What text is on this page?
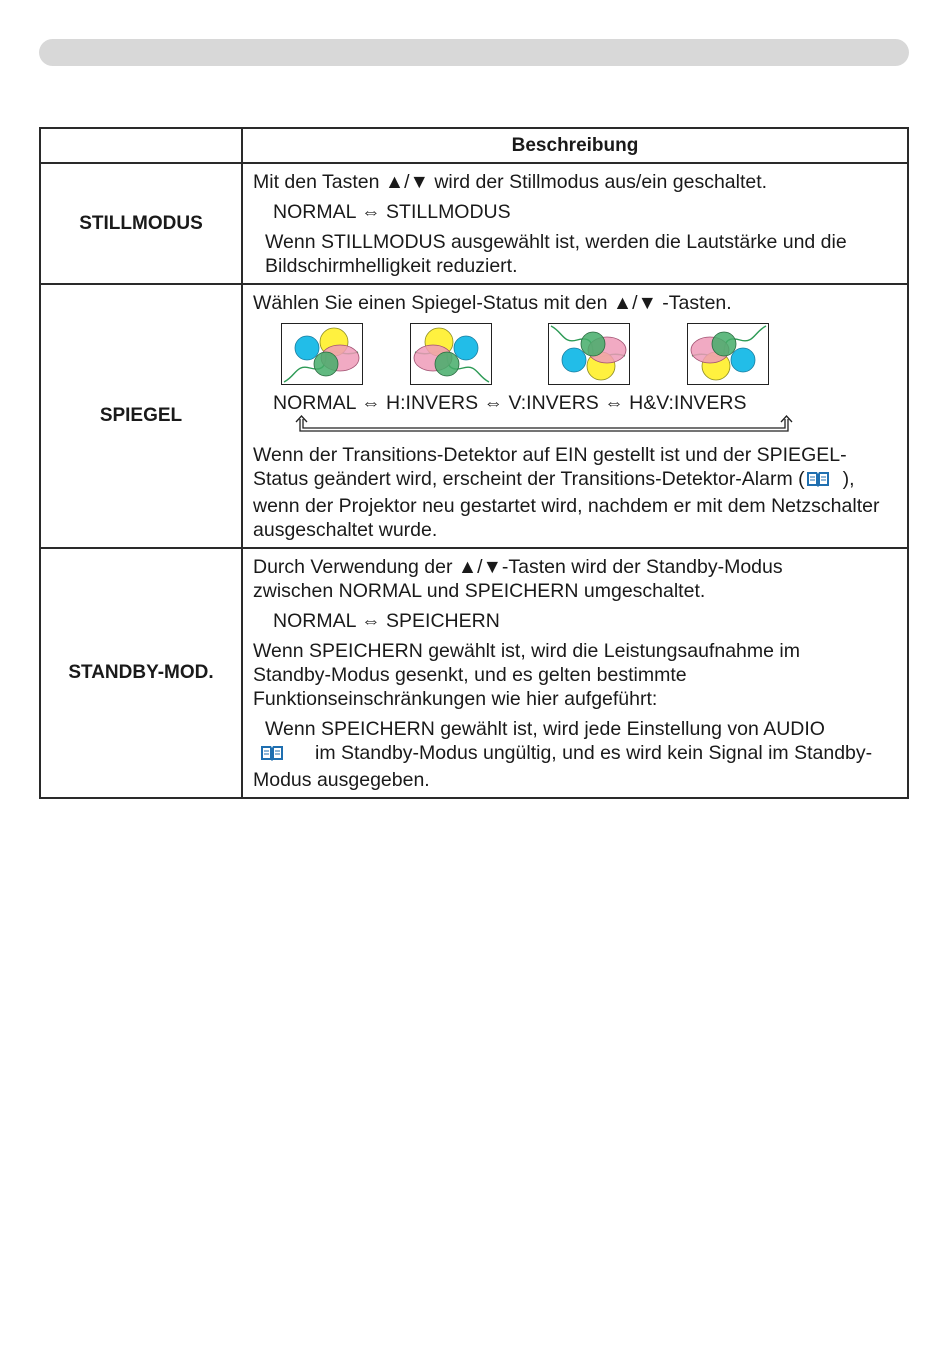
	Beschreibung
STILLMODUS	Mit den Tasten ▲/▼ wird der Stillmodus aus/ein geschaltet.

NORMAL ⇔ STILLMODUS

Wenn STILLMODUS ausgewählt ist, werden die Lautstärke und die Bildschirmhelligkeit reduziert.

SPIEGEL	Wählen Sie einen Spiegel-Status mit den ▲/▼ -Tasten.

NORMAL ⇔ H:INVERS ⇔ V:INVERS ⇔ H&V:INVERS

Wenn der Transitions-Detektor auf EIN gestellt ist und der SPIEGEL-Status geändert wird, erscheint der Transitions-Detektor-Alarm ( ), wenn der Projektor neu gestartet wird, nachdem er mit dem Netzschalter ausgeschaltet wurde.

STANDBY-MOD.	Durch Verwendung der ▲/▼-Tasten wird der Standby-Modus zwischen NORMAL und SPEICHERN umgeschaltet.

NORMAL ⇔ SPEICHERN

Wenn SPEICHERN gewählt ist, wird die Leistungsaufnahme im Standby-Modus gesenkt, und es gelten bestimmte Funktionseinschränkungen wie hier aufgeführt:

Wenn SPEICHERN gewählt ist, wird jede Einstellung von AUDIO
im Standby-Modus ungültig, und es wird kein Signal im Standby-Modus ausgegeben.
